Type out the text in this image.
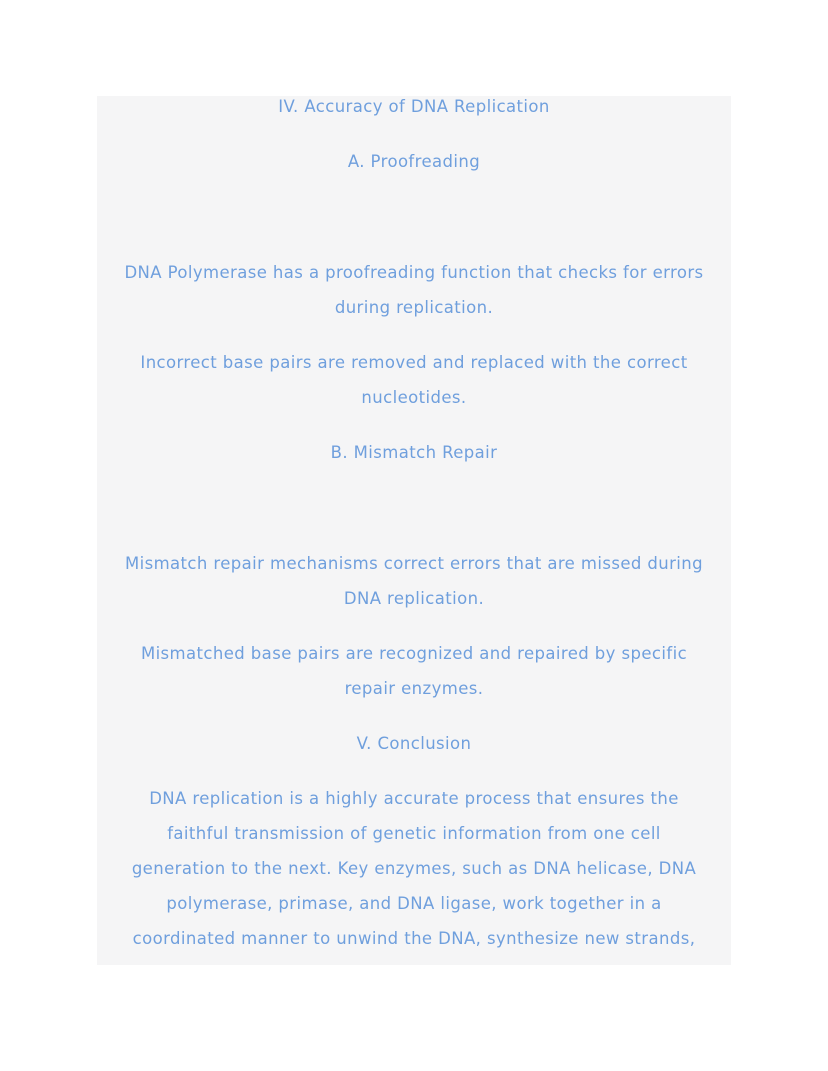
IV. Accuracy of DNA Replication
A. Proofreading
DNA Polymerase has a proofreading function that checks for errors
during replication.
Incorrect base pairs are removed and replaced with the correct
nucleotides.
B. Mismatch Repair
Mismatch repair mechanisms correct errors that are missed during
DNA replication.
Mismatched base pairs are recognized and repaired by specific
repair enzymes.
V. Conclusion
DNA replication is a highly accurate process that ensures the
faithful transmission of genetic information from one cell
generation to the next. Key enzymes, such as DNA helicase, DNA
polymerase, primase, and DNA ligase, work together in a
coordinated manner to unwind the DNA, synthesize new strands,
